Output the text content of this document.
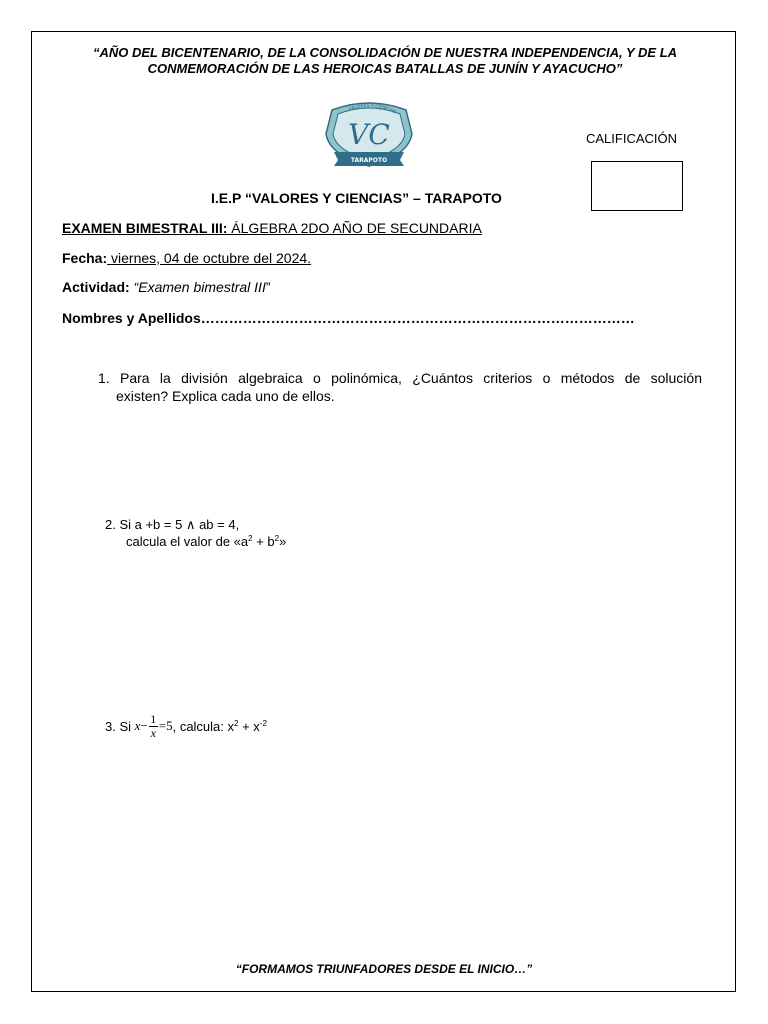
“AÑO DEL BICENTENARIO, DE LA CONSOLIDACIÓN DE NUESTRA INDEPENDENCIA, Y DE LA
CONMEMORACIÓN DE LAS HEROICAS BATALLAS DE JUNÍN Y AYACUCHO”
VALORES Y CIENCIAS
VC
TARAPOTO
CALIFICACIÓN
I.E.P “VALORES Y CIENCIAS” – TARAPOTO
EXAMEN BIMESTRAL III: ÁLGEBRA 2DO AÑO DE SECUNDARIA
Fecha: viernes, 04 de octubre del 2024.
Actividad: “Examen bimestral III”
Nombres y Apellidos…………………………………………………………………………………

1. Para la división algebraica o polinómica, ¿Cuántos criterios o métodos de solución

existen? Explica cada uno de ellos.

2. Si a +b = 5 ∧ ab = 4,
calcula el valor de «$a^2 + b^2$»
3. Si $x- \frac{1}{x} =5$ , calcula: $x^2 + x^{-2}$
“FORMAMOS TRIUNFADORES DESDE EL INICIO…”
